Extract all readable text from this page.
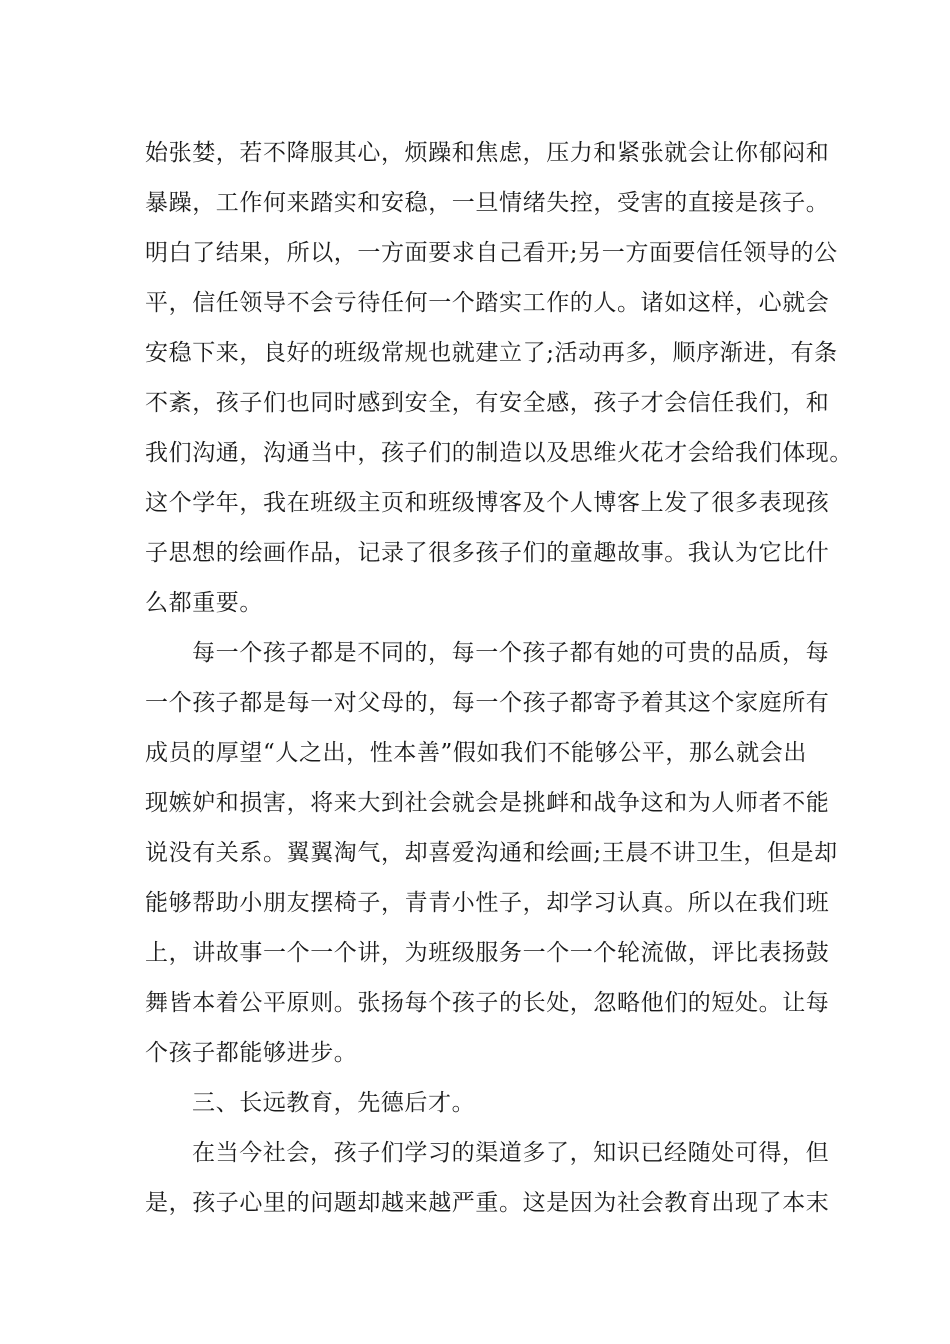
始张婪，若不降服其心，烦躁和焦虑，压力和紧张就会让你郁闷和
暴躁，工作何来踏实和安稳，一旦情绪失控，受害的直接是孩子。
明白了结果，所以，一方面要求自己看开;另一方面要信任领导的公
平，信任领导不会亏待任何一个踏实工作的人。诸如这样，心就会
安稳下来，良好的班级常规也就建立了;活动再多，顺序渐进，有条
不紊，孩子们也同时感到安全，有安全感，孩子才会信任我们，和
我们沟通，沟通当中，孩子们的制造以及思维火花才会给我们体现。
这个学年，我在班级主页和班级博客及个人博客上发了很多表现孩
子思想的绘画作品，记录了很多孩子们的童趣故事。我认为它比什
么都重要。
每一个孩子都是不同的，每一个孩子都有她的可贵的品质，每
一个孩子都是每一对父母的，每一个孩子都寄予着其这个家庭所有
成员的厚望“人之出，性本善”假如我们不能够公平，那么就会出
现嫉妒和损害，将来大到社会就会是挑衅和战争这和为人师者不能
说没有关系。翼翼淘气，却喜爱沟通和绘画;王晨不讲卫生，但是却
能够帮助小朋友摆椅子，青青小性子，却学习认真。所以在我们班
上，讲故事一个一个讲，为班级服务一个一个轮流做，评比表扬鼓
舞皆本着公平原则。张扬每个孩子的长处，忽略他们的短处。让每
个孩子都能够进步。
三、长远教育，先德后才。
在当今社会，孩子们学习的渠道多了，知识已经随处可得，但
是，孩子心里的问题却越来越严重。这是因为社会教育出现了本末
